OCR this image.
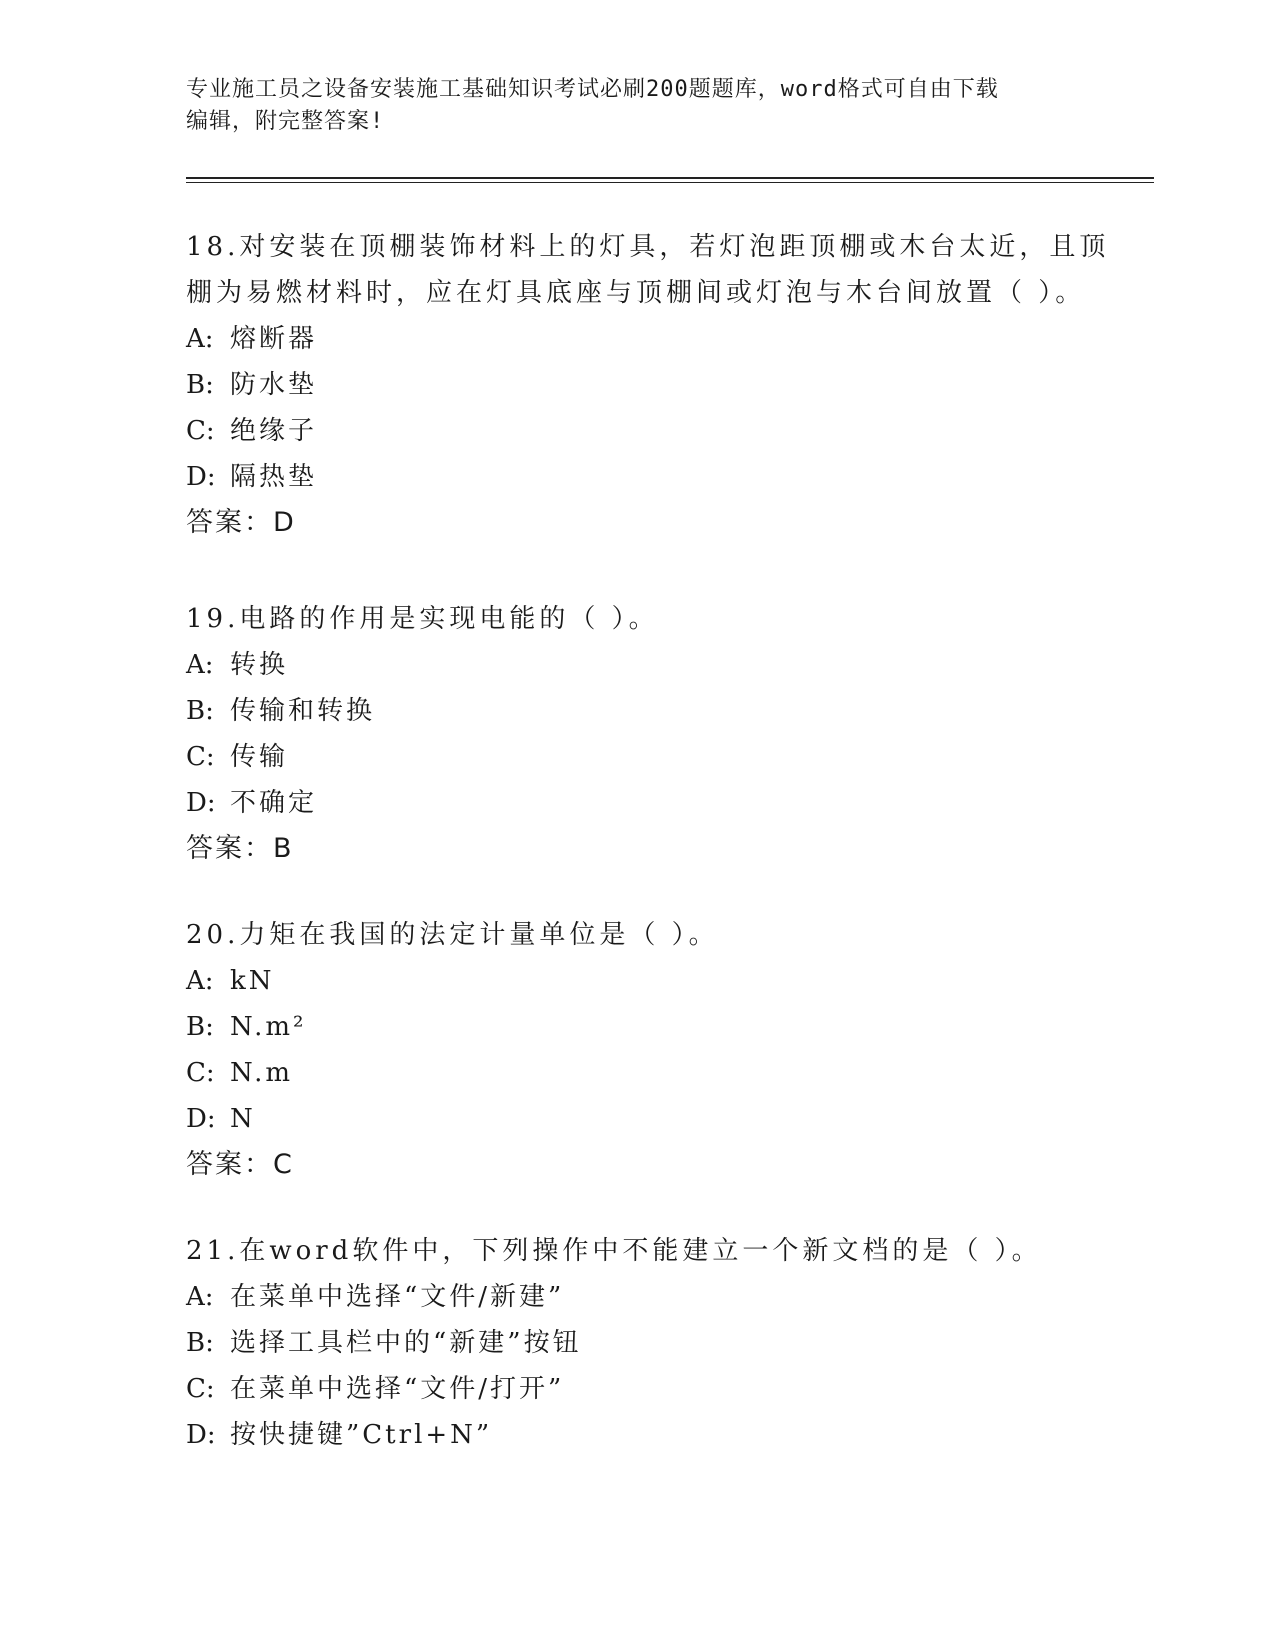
专业施工员之设备安装施工基础知识考试必刷200题题库，word格式可自由下载
编辑，附完整答案!
18.对安装在顶棚装饰材料上的灯具，若灯泡距顶棚或木台太近，且顶棚为易燃材料时，应在灯具底座与顶棚间或灯泡与木台间放置（ ）。
A: 熔断器
B: 防水垫
C: 绝缘子
D: 隔热垫
答案：D
19.电路的作用是实现电能的（ ）。
A: 转换
B: 传输和转换
C: 传输
D: 不确定
答案：B
20.力矩在我国的法定计量单位是（ ）。
A: kN
B: N.m²
C: N.m
D: N
答案：C
21.在word软件中，下列操作中不能建立一个新文档的是（ ）。
A: 在菜单中选择“文件/新建”
B: 选择工具栏中的“新建”按钮
C: 在菜单中选择“文件/打开”
D: 按快捷键”Ctrl+N”
